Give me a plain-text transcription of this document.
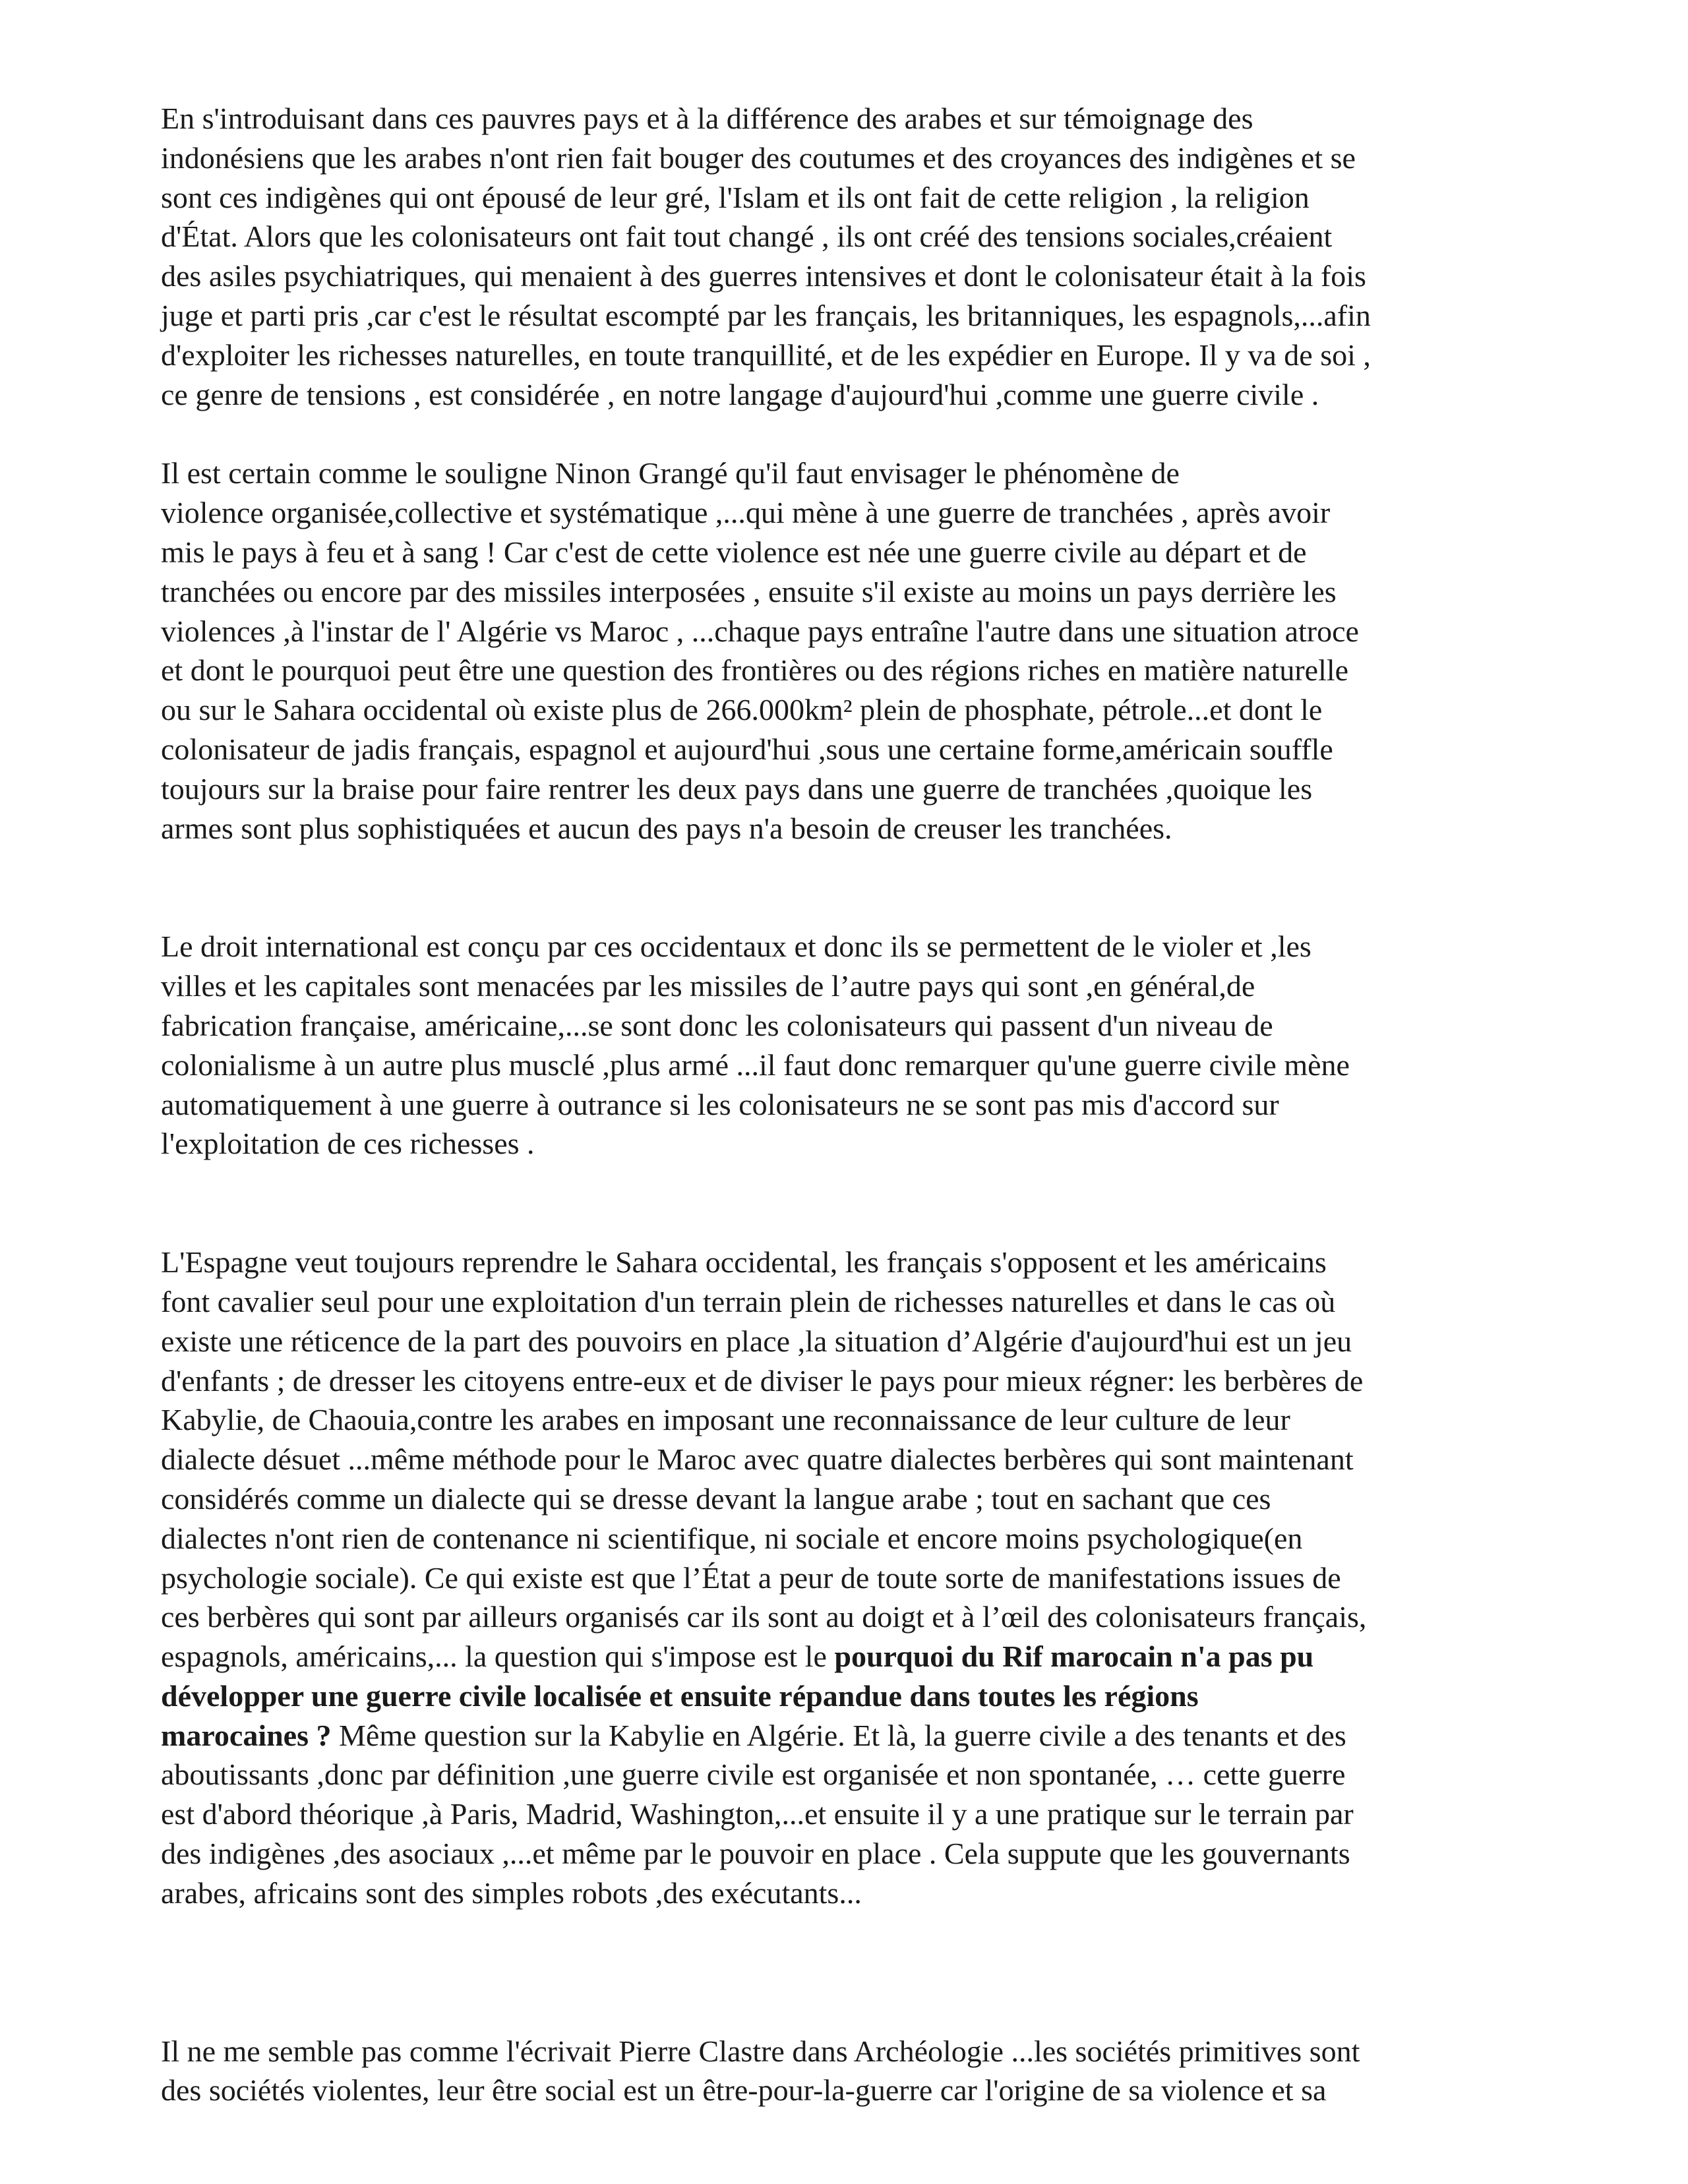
En s'introduisant dans ces pauvres pays et à la différence des arabes et sur témoignage des
indonésiens que les arabes n'ont rien fait bouger des coutumes et des croyances des indigènes et se
sont ces indigènes qui ont épousé de leur gré, l'Islam et ils ont fait de cette religion , la religion
d'État. Alors que les colonisateurs ont fait tout changé , ils ont créé des tensions sociales,créaient
des asiles psychiatriques, qui menaient à des guerres intensives et dont le colonisateur était à la fois
juge et parti pris ,car c'est le résultat escompté par les français, les britanniques, les espagnols,...afin
d'exploiter les richesses naturelles, en toute tranquillité, et de les expédier en Europe. Il y va de soi ,
ce genre de tensions , est considérée , en notre langage d'aujourd'hui ,comme une guerre civile .

Il est certain comme le souligne Ninon Grangé qu'il faut envisager le phénomène de
violence organisée,collective et systématique ,...qui mène à une guerre de tranchées , après avoir
mis le pays à feu et à sang ! Car c'est de cette violence est née une guerre civile au départ et de
tranchées ou encore par des missiles interposées , ensuite s'il existe au moins un pays derrière les
violences ,à l'instar de l' Algérie vs Maroc , ...chaque pays entraîne l'autre dans une situation atroce
et dont le pourquoi peut être une question des frontières ou des régions riches en matière naturelle
ou sur le Sahara occidental où existe plus de 266.000km² plein de phosphate, pétrole...et dont le
colonisateur de jadis français, espagnol et aujourd'hui ,sous une certaine forme,américain souffle
toujours sur la braise pour faire rentrer les deux pays dans une guerre de tranchées ,quoique les
armes sont plus sophistiquées et aucun des pays n'a besoin de creuser les tranchées.

Le droit international est conçu par ces occidentaux et donc ils se permettent de le violer et ,les
villes et les capitales sont menacées par les missiles de l’autre pays qui sont ,en général,de
fabrication française, américaine,...se sont donc les colonisateurs qui passent d'un niveau de
colonialisme à un autre plus musclé ,plus armé ...il faut donc remarquer qu'une guerre civile mène
automatiquement à une guerre à outrance si les colonisateurs ne se sont pas mis d'accord sur
l'exploitation de ces richesses .

L'Espagne veut toujours reprendre le Sahara occidental, les français s'opposent et les américains
font cavalier seul pour une exploitation d'un terrain plein de richesses naturelles et dans le cas où
existe une réticence de la part des pouvoirs en place ,la situation d’Algérie d'aujourd'hui est un jeu
d'enfants ; de dresser les citoyens entre-eux et de diviser le pays pour mieux régner: les berbères de
Kabylie, de Chaouia,contre les arabes en imposant une reconnaissance de leur culture de leur
dialecte désuet ...même méthode pour le Maroc avec quatre dialectes berbères qui sont maintenant
considérés comme un dialecte qui se dresse devant la langue arabe ; tout en sachant que ces
dialectes n'ont rien de contenance ni scientifique, ni sociale et encore moins psychologique(en
psychologie sociale). Ce qui existe est que l’État a peur de toute sorte de manifestations issues de
ces berbères qui sont par ailleurs organisés car ils sont au doigt et à l’œil des colonisateurs français,
espagnols, américains,... la question qui s'impose est le pourquoi du Rif marocain n'a pas pu
développer une guerre civile localisée et ensuite répandue dans toutes les régions
marocaines ? Même question sur la Kabylie en Algérie. Et là, la guerre civile a des tenants et des
aboutissants ,donc par définition ,une guerre civile est organisée et non spontanée, … cette guerre
est d'abord théorique ,à Paris, Madrid, Washington,...et ensuite il y a une pratique sur le terrain par
des indigènes ,des asociaux ,...et même par le pouvoir en place . Cela suppute que les gouvernants
arabes, africains sont des simples robots ,des exécutants...

Il ne me semble pas comme l'écrivait Pierre Clastre dans Archéologie ...les sociétés primitives sont
des sociétés violentes, leur être social est un être-pour-la-guerre car l'origine de sa violence et sa
